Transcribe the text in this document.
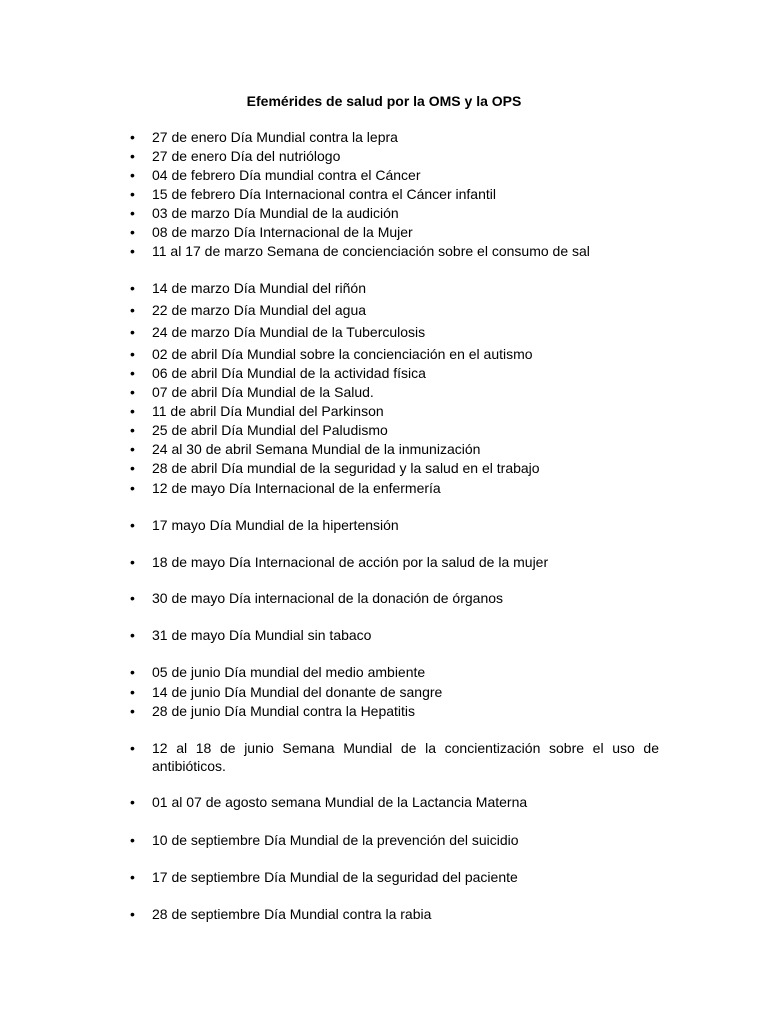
Efemérides de salud por la OMS y la OPS
• 27 de enero Día Mundial contra la lepra
• 27 de enero Día del nutriólogo
• 04 de febrero Día mundial contra el Cáncer
• 15 de febrero Día Internacional contra el Cáncer infantil
• 03 de marzo Día Mundial de la audición
• 08 de marzo Día Internacional de la Mujer
• 11 al 17 de marzo Semana de concienciación sobre el consumo de sal
• 14 de marzo Día Mundial del riñón
• 22 de marzo Día Mundial del agua
• 24 de marzo Día Mundial de la Tuberculosis
• 02 de abril Día Mundial sobre la concienciación en el autismo
• 06 de abril Día Mundial de la actividad física
• 07 de abril Día Mundial de la Salud.
• 11 de abril Día Mundial del Parkinson
• 25 de abril Día Mundial del Paludismo
• 24 al 30 de abril Semana Mundial de la inmunización
• 28 de abril Día mundial de la seguridad y la salud en el trabajo
• 12 de mayo Día Internacional de la enfermería
• 17 mayo Día Mundial de la hipertensión
• 18 de mayo Día Internacional de acción por la salud de la mujer
• 30 de mayo Día internacional de la donación de órganos
• 31 de mayo Día Mundial sin tabaco
• 05 de junio Día mundial del medio ambiente
• 14 de junio Día Mundial del donante de sangre
• 28 de junio Día Mundial contra la Hepatitis
• 12 al 18 de junio Semana Mundial de la concientización sobre el uso de antibióticos.
• 01 al 07 de agosto semana Mundial de la Lactancia Materna
• 10 de septiembre Día Mundial de la prevención del suicidio
• 17 de septiembre Día Mundial de la seguridad del paciente
• 28 de septiembre Día Mundial contra la rabia
